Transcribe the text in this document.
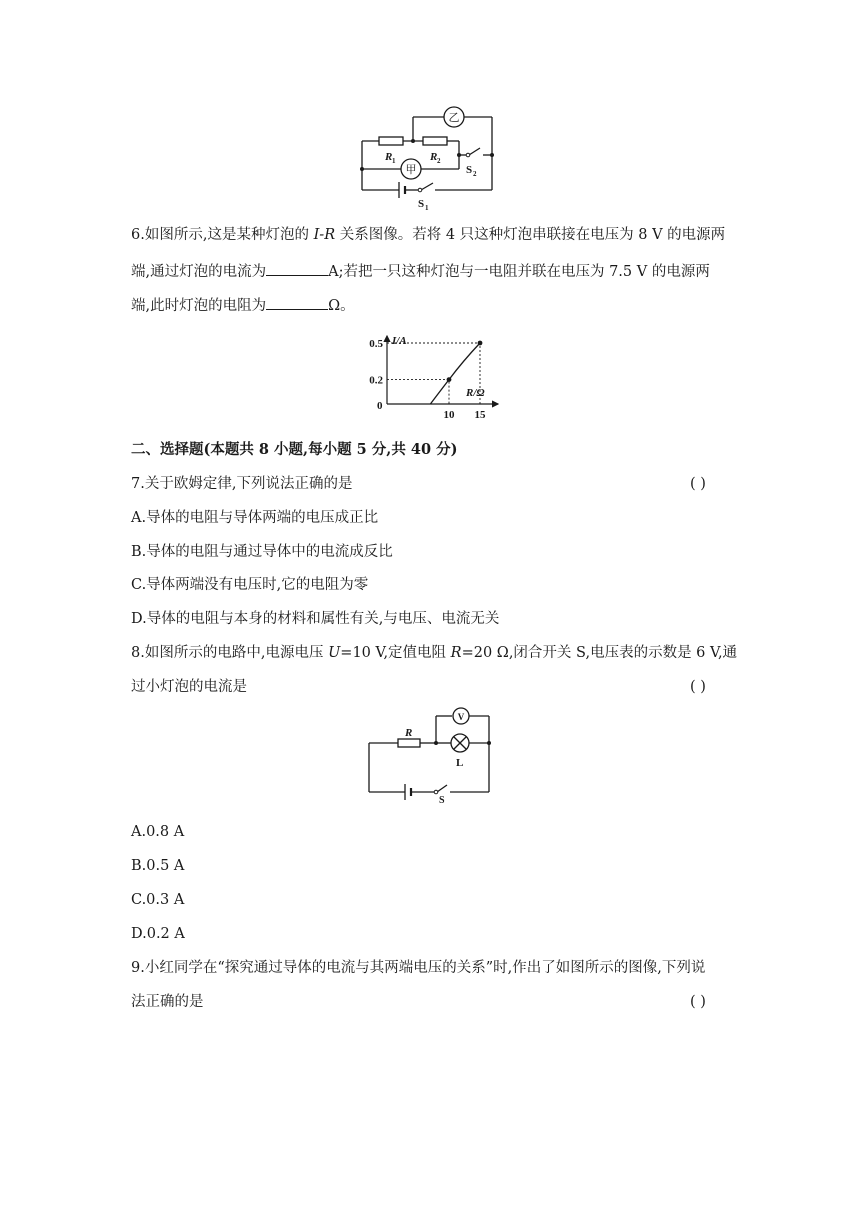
乙
甲
R 1	R 2
S 2
S 1
6.如图所示,这是某种灯泡的 I-R 关系图像。若将 4 只这种灯泡串联接在电压为 8 V 的电源两
端,通过灯泡的电流为	A;若把一只这种灯泡与一电阻并联在电压为 7.5 V 的电源两
端,此时灯泡的电阻为	Ω。
10 15
0.2
0.5 I/A
R/Ω
0
二、选择题(本题共 8 小题,每小题 5 分,共 40 分)
7.关于欧姆定律,下列说法正确的是	( )
A.导体的电阻与导体两端的电压成正比
B.导体的电阻与通过导体中的电流成反比
C.导体两端没有电压时,它的电阻为零
D.导体的电阻与本身的材料和属性有关,与电压、电流无关
8.如图所示的电路中,电源电压 U=10 V,定值电阻 R=20 Ω,闭合开关 S,电压表的示数是 6 V,通
过小灯泡的电流是	( )
R
V
L
S
A.0.8 A
B.0.5 A
C.0.3 A
D.0.2 A
9.小红同学在“探究通过导体的电流与其两端电压的关系”时,作出了如图所示的图像,下列说
法正确的是	( )
